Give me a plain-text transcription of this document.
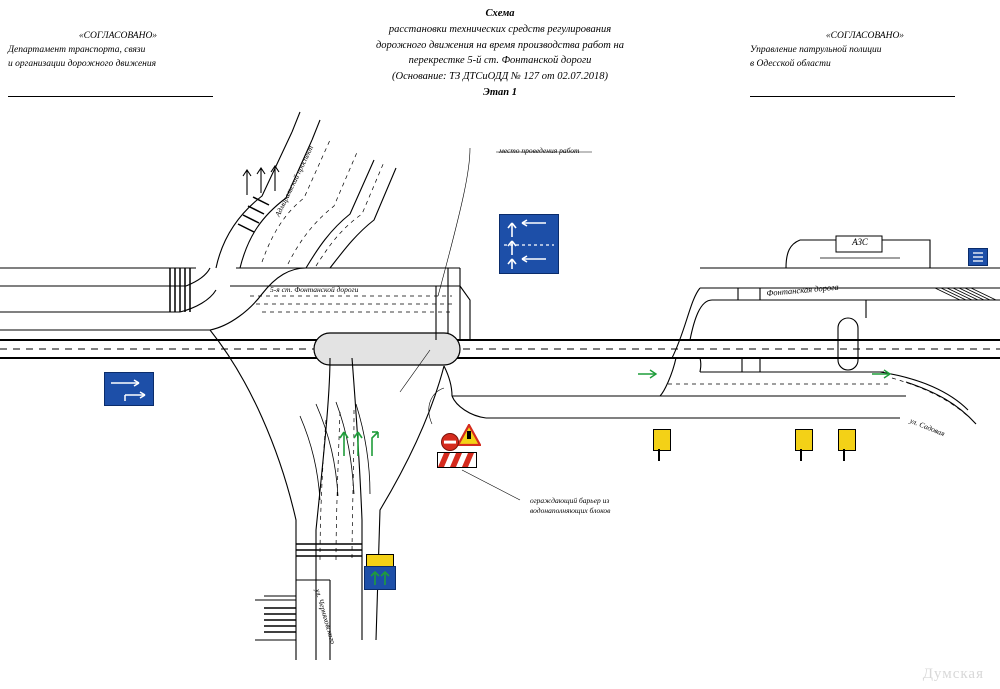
«СОГЛАСОВАНО»
Департамент транспорта, связи
и организации дорожного движения
«СОГЛАСОВАНО»
Управление патрульной полиции
в Одесской области
Схема
расстановки технических средств регулирования
дорожного движения на время производства работ на
перекрестке 5-й ст. Фонтанской дороги
(Основание: ТЗ ДТСиОДД № 127 от 02.07.2018)
Этап 1
место проведения работ
ограждающий барьер из
водонаполняющих блоков
Адмиральский проспект
5-я ст. Фонтанской дороги	Фонтанская дорога
ул. Садовая
ул. Черняховского
АЗС
Думская
